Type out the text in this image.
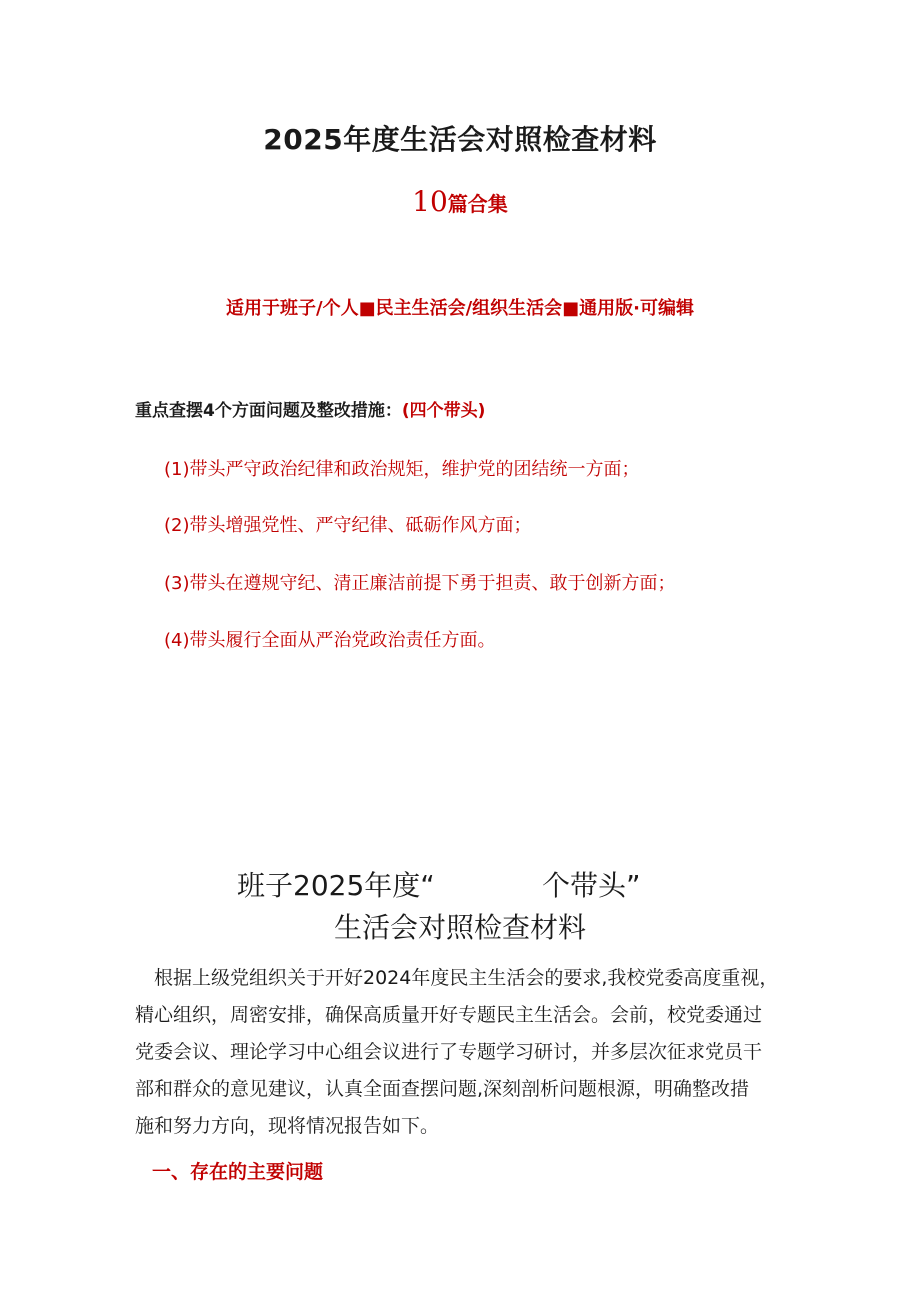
2025年度生活会对照检查材料
10篇合集
适用于班子/个人■民主生活会/组织生活会■通用版·可编辑
重点查摆4个方面问题及整改措施：(四个带头)
(1)带头严守政治纪律和政治规矩，维护党的团结统一方面；
(2)带头增强党性、严守纪律、砥砺作风方面；
(3)带头在遵规守纪、清正廉洁前提下勇于担责、敢于创新方面；
(4)带头履行全面从严治党政治责任方面。
班子2025年度“	个带头”
生活会对照检查材料
根据上级党组织关于开好2024年度民主生活会的要求,我校党委高度重视，
精心组织，周密安排，确保高质量开好专题民主生活会。会前，校党委通过
党委会议、理论学习中心组会议进行了专题学习研讨，并多层次征求党员干
部和群众的意见建议，认真全面查摆问题,深刻剖析问题根源，明确整改措
施和努力方向，现将情况报告如下。
一、存在的主要问题
